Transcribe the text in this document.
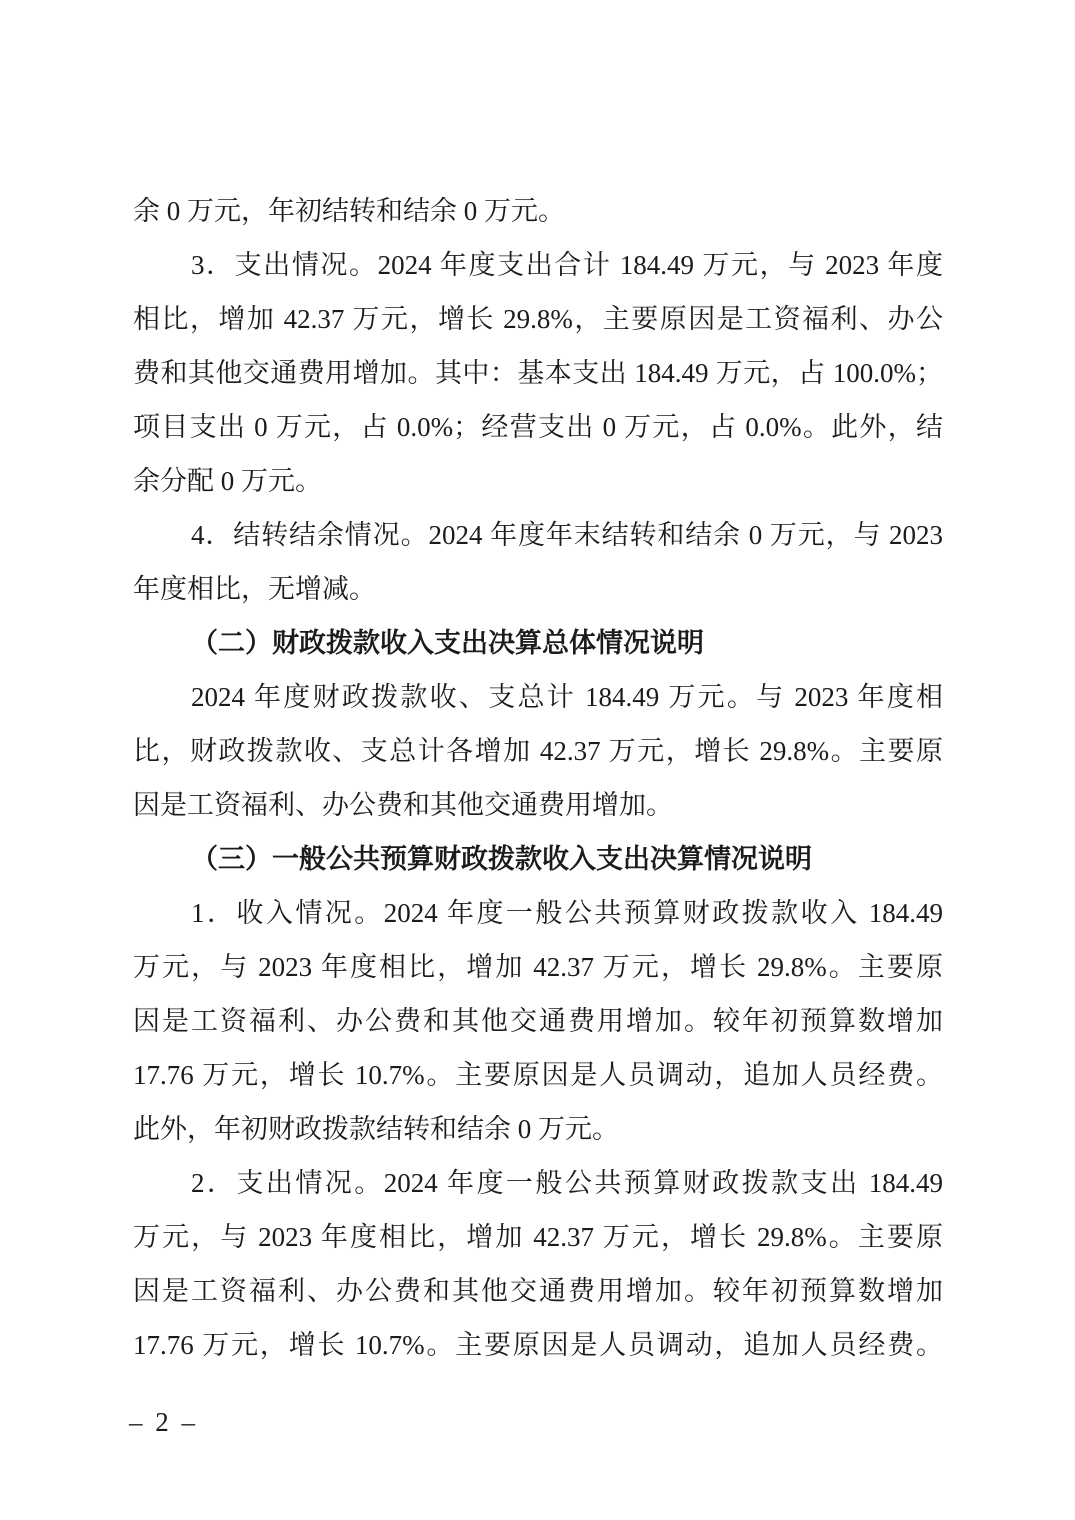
余 0 万元，年初结转和结余 0 万元。
3．支出情况。2024 年度支出合计 184.49 万元，与 2023 年度
相比，增加 42.37 万元，增长 29.8%，主要原因是工资福利、办公
费和其他交通费用增加。其中：基本支出 184.49 万元，占 100.0%；
项目支出 0 万元，占 0.0%；经营支出 0 万元，占 0.0%。此外，结
余分配 0 万元。
4．结转结余情况。2024 年度年末结转和结余 0 万元，与 2023
年度相比，无增减。
（二）财政拨款收入支出决算总体情况说明
2024 年度财政拨款收、支总计 184.49 万元。与 2023 年度相
比，财政拨款收、支总计各增加 42.37 万元，增长 29.8%。主要原
因是工资福利、办公费和其他交通费用增加。
（三）一般公共预算财政拨款收入支出决算情况说明
1．收入情况。2024 年度一般公共预算财政拨款收入 184.49
万元，与 2023 年度相比，增加 42.37 万元，增长 29.8%。主要原
因是工资福利、办公费和其他交通费用增加。较年初预算数增加
17.76 万元，增长 10.7%。主要原因是人员调动，追加人员经费。
此外，年初财政拨款结转和结余 0 万元。
2．支出情况。2024 年度一般公共预算财政拨款支出 184.49
万元，与 2023 年度相比，增加 42.37 万元，增长 29.8%。主要原
因是工资福利、办公费和其他交通费用增加。较年初预算数增加
17.76 万元，增长 10.7%。主要原因是人员调动，追加人员经费。
– 2 –
